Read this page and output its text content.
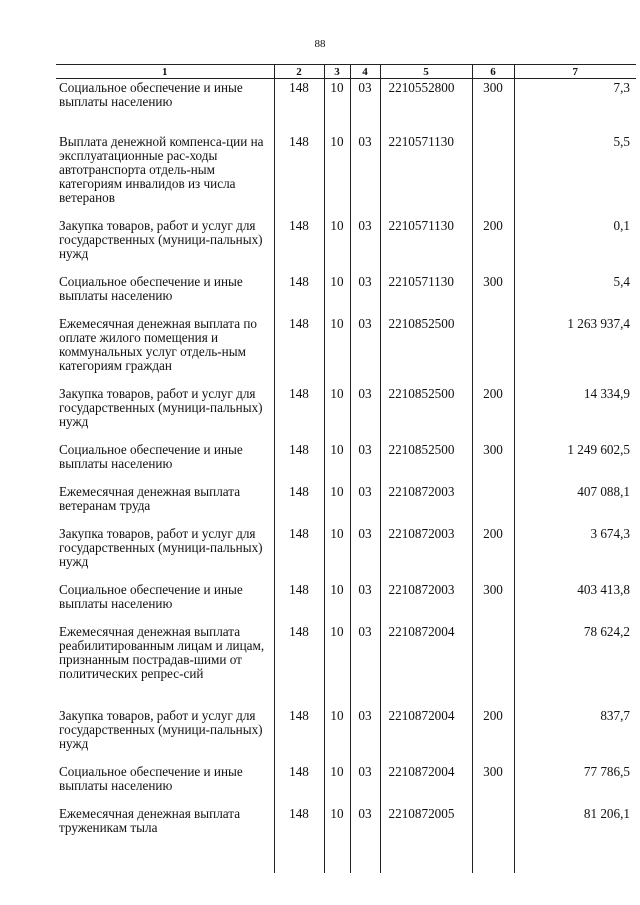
88
1	2	3	4	5	6	7
Социальное обеспечение и иные выплаты населению	148	10	03	2210552800	300	7,3
Выплата денежной компенса-ции на эксплуатационные рас-ходы автотранспорта отдель-ным категориям инвалидов из числа ветеранов	148	10	03	2210571130		5,5
Закупка товаров, работ и услуг для государственных (муници-пальных) нужд	148	10	03	2210571130	200	0,1
Социальное обеспечение и иные выплаты населению	148	10	03	2210571130	300	5,4
Ежемесячная денежная выплата по оплате жилого помещения и коммунальных услуг отдель-ным категориям граждан	148	10	03	2210852500		1 263 937,4
Закупка товаров, работ и услуг для государственных (муници-пальных) нужд	148	10	03	2210852500	200	14 334,9
Социальное обеспечение и иные выплаты населению	148	10	03	2210852500	300	1 249 602,5
Ежемесячная денежная выплата ветеранам труда	148	10	03	2210872003		407 088,1
Закупка товаров, работ и услуг для государственных (муници-пальных) нужд	148	10	03	2210872003	200	3 674,3
Социальное обеспечение и иные выплаты населению	148	10	03	2210872003	300	403 413,8
Ежемесячная денежная выплата реабилитированным лицам и лицам, признанным пострадав-шими от политических репрес-сий	148	10	03	2210872004		78 624,2
Закупка товаров, работ и услуг для государственных (муници-пальных) нужд	148	10	03	2210872004	200	837,7
Социальное обеспечение и иные выплаты населению	148	10	03	2210872004	300	77 786,5
Ежемесячная денежная выплата труженикам тыла	148	10	03	2210872005		81 206,1
